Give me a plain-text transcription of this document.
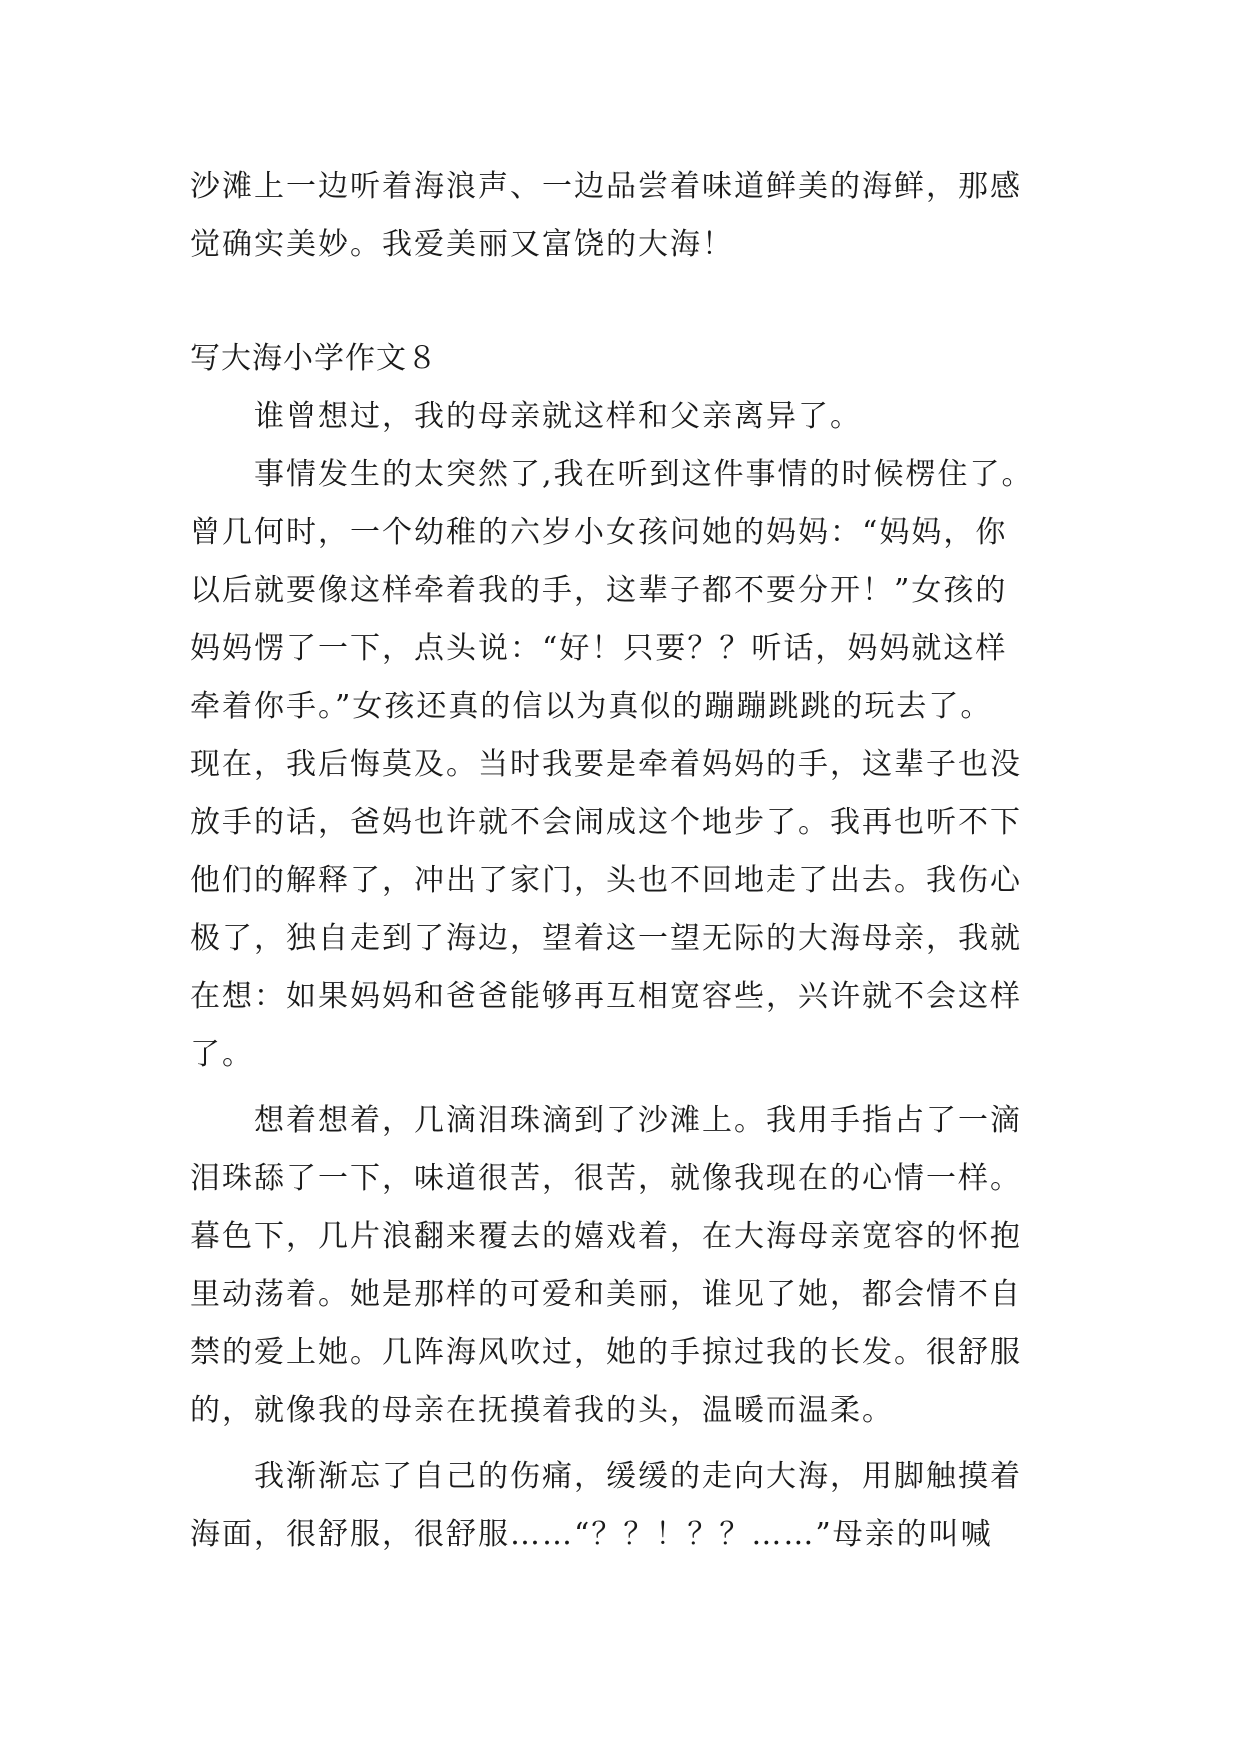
沙滩上一边听着海浪声、一边品尝着味道鲜美的海鲜，那感
觉确实美妙。我爱美丽又富饶的大海！
写大海小学作文８
谁曾想过，我的母亲就这样和父亲离异了。
事情发生的太突然了,我在听到这件事情的时候楞住了。
曾几何时，一个幼稚的六岁小女孩问她的妈妈：“妈妈，你
以后就要像这样牵着我的手，这辈子都不要分开！”女孩的
妈妈愣了一下，点头说：“好！只要？？听话，妈妈就这样
牵着你手。”女孩还真的信以为真似的蹦蹦跳跳的玩去了。
现在，我后悔莫及。当时我要是牵着妈妈的手，这辈子也没
放手的话，爸妈也许就不会闹成这个地步了。我再也听不下
他们的解释了，冲出了家门，头也不回地走了出去。我伤心
极了，独自走到了海边，望着这一望无际的大海母亲，我就
在想：如果妈妈和爸爸能够再互相宽容些，兴许就不会这样
了。
想着想着，几滴泪珠滴到了沙滩上。我用手指占了一滴
泪珠舔了一下，味道很苦，很苦，就像我现在的心情一样。
暮色下，几片浪翻来覆去的嬉戏着，在大海母亲宽容的怀抱
里动荡着。她是那样的可爱和美丽，谁见了她，都会情不自
禁的爱上她。几阵海风吹过，她的手掠过我的长发。很舒服
的，就像我的母亲在抚摸着我的头，温暖而温柔。
我渐渐忘了自己的伤痛，缓缓的走向大海，用脚触摸着
海面，很舒服，很舒服……“？？！？？……”母亲的叫喊
